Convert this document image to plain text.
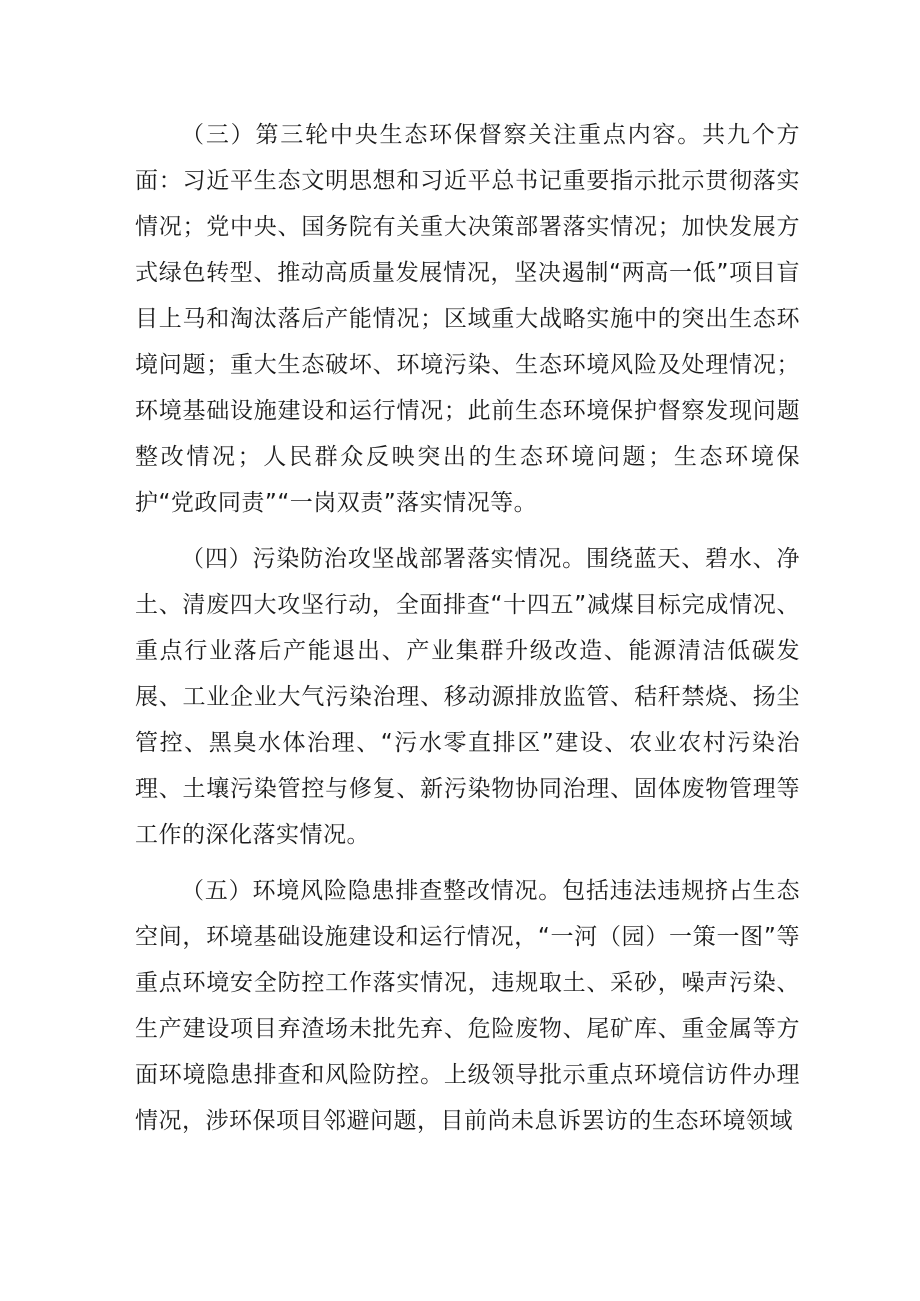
（三）第三轮中央生态环保督察关注重点内容。共九个方面：习近平生态文明思想和习近平总书记重要指示批示贯彻落实情况；党中央、国务院有关重大决策部署落实情况；加快发展方式绿色转型、推动高质量发展情况，坚决遏制“两高一低”项目盲目上马和淘汰落后产能情况；区域重大战略实施中的突出生态环境问题；重大生态破坏、环境污染、生态环境风险及处理情况；环境基础设施建设和运行情况；此前生态环境保护督察发现问题整改情况；人民群众反映突出的生态环境问题；生态环境保护“党政同责”“一岗双责”落实情况等。

（四）污染防治攻坚战部署落实情况。围绕蓝天、碧水、净土、清废四大攻坚行动，全面排查“十四五”减煤目标完成情况、重点行业落后产能退出、产业集群升级改造、能源清洁低碳发展、工业企业大气污染治理、移动源排放监管、秸秆禁烧、扬尘管控、黑臭水体治理、“污水零直排区”建设、农业农村污染治理、土壤污染管控与修复、新污染物协同治理、固体废物管理等工作的深化落实情况。

（五）环境风险隐患排查整改情况。包括违法违规挤占生态空间，环境基础设施建设和运行情况，“一河（园）一策一图”等重点环境安全防控工作落实情况，违规取土、采砂，噪声污染、生产建设项目弃渣场未批先弃、危险废物、尾矿库、重金属等方面环境隐患排查和风险防控。上级领导批示重点环境信访件办理情况，涉环保项目邻避问题，目前尚未息诉罢访的生态环境领域
